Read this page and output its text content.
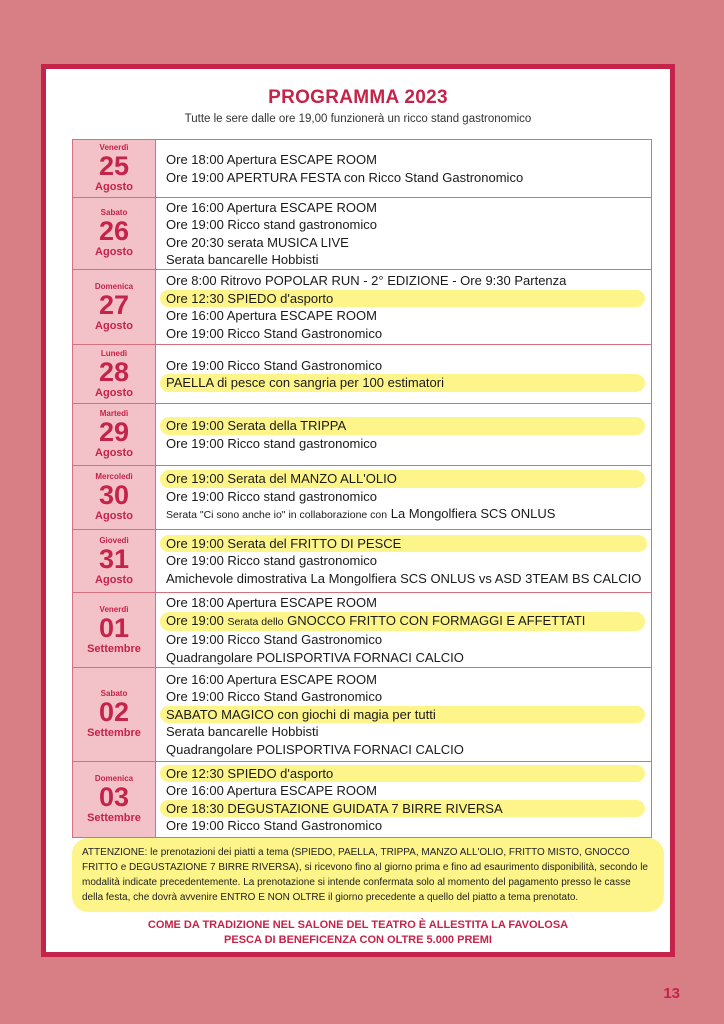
PROGRAMMA 2023
Tutte le sere dalle ore 19,00 funzionerà un ricco stand gastronomico
Venerdì
25
Agosto
Ore 18:00 Apertura ESCAPE ROOM
Ore 19:00 APERTURA FESTA con Ricco Stand Gastronomico
Sabato
26
Agosto
Ore 16:00 Apertura ESCAPE ROOM
Ore 19:00 Ricco stand gastronomico
Ore 20:30 serata MUSICA LIVE
Serata bancarelle Hobbisti
Domenica
27
Agosto
Ore 8:00 Ritrovo POPOLAR RUN - 2° EDIZIONE - Ore 9:30 Partenza
Ore 12:30 SPIEDO d'asporto
Ore 16:00 Apertura ESCAPE ROOM
Ore 19:00 Ricco Stand Gastronomico
Lunedì
28
Agosto
Ore 19:00 Ricco Stand Gastronomico
PAELLA di pesce con sangria per 100 estimatori
Martedì
29
Agosto
Ore 19:00 Serata della TRIPPA
Ore 19:00 Ricco stand gastronomico
Mercoledì
30
Agosto
Ore 19:00 Serata del MANZO ALL'OLIO
Ore 19:00 Ricco stand gastronomico
Serata "Ci sono anche io" in collaborazione con La Mongolfiera SCS ONLUS
Giovedì
31
Agosto
Ore 19:00 Serata del FRITTO DI PESCE
Ore 19:00 Ricco stand gastronomico
Amichevole dimostrativa La Mongolfiera SCS ONLUS vs ASD 3TEAM BS CALCIO
Venerdì
01
Settembre
Ore 18:00 Apertura ESCAPE ROOM
Ore 19:00 Serata dello GNOCCO FRITTO CON FORMAGGI E AFFETTATI
Ore 19:00 Ricco Stand Gastronomico
Quadrangolare POLISPORTIVA FORNACI CALCIO
Sabato
02
Settembre
Ore 16:00 Apertura ESCAPE ROOM
Ore 19:00 Ricco Stand Gastronomico
SABATO MAGICO con giochi di magia per tutti
Serata bancarelle Hobbisti
Quadrangolare POLISPORTIVA FORNACI CALCIO
Domenica
03
Settembre
Ore 12:30 SPIEDO d'asporto
Ore 16:00 Apertura ESCAPE ROOM
Ore 18:30 DEGUSTAZIONE GUIDATA 7 BIRRE RIVERSA
Ore 19:00 Ricco Stand Gastronomico
ATTENZIONE: le prenotazioni dei piatti a tema (SPIEDO, PAELLA, TRIPPA, MANZO ALL'OLIO, FRITTO MISTO, GNOCCO FRITTO e DEGUSTAZIONE 7 BIRRE RIVERSA), si ricevono fino al giorno prima e fino ad esaurimento disponibilità, secondo le modalità indicate precedentemente. La prenotazione si intende confermata solo al momento del pagamento presso le casse della festa, che dovrà avvenire ENTRO E NON OLTRE il giorno precedente a quello del piatto a tema prenotato.
COME DA TRADIZIONE NEL SALONE DEL TEATRO È ALLESTITA LA FAVOLOSA
PESCA DI BENEFICENZA CON OLTRE 5.000 PREMI
13
